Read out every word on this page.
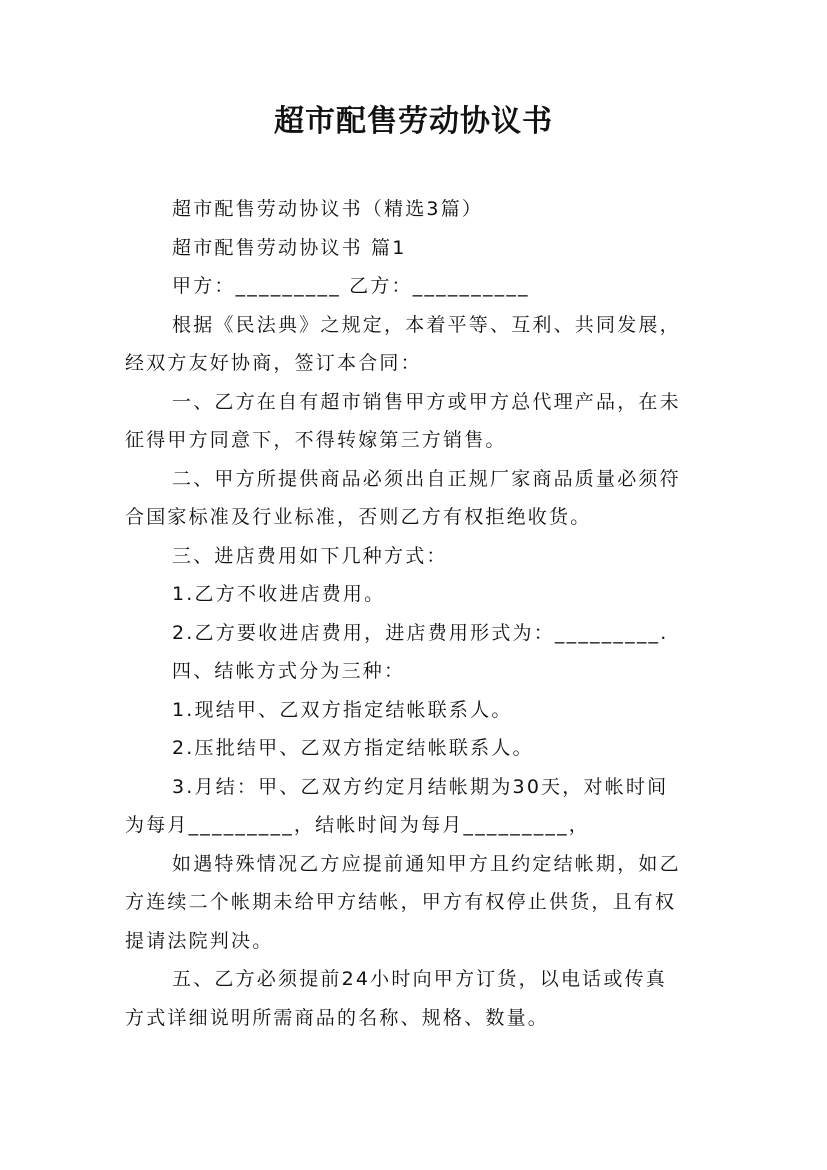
超市配售劳动协议书
超市配售劳动协议书（精选3篇）
超市配售劳动协议书 篇1
甲方：_________ 乙方：__________
根据《民法典》之规定，本着平等、互利、共同发展，
经双方友好协商，签订本合同：
一、乙方在自有超市销售甲方或甲方总代理产品，在未
征得甲方同意下，不得转嫁第三方销售。
二、甲方所提供商品必须出自正规厂家商品质量必须符
合国家标准及行业标准，否则乙方有权拒绝收货。
三、进店费用如下几种方式：
1.乙方不收进店费用。
2.乙方要收进店费用，进店费用形式为：_________.
四、结帐方式分为三种：
1.现结甲、乙双方指定结帐联系人。
2.压批结甲、乙双方指定结帐联系人。
3.月结：甲、乙双方约定月结帐期为30天，对帐时间
为每月_________，结帐时间为每月_________，
如遇特殊情况乙方应提前通知甲方且约定结帐期，如乙
方连续二个帐期未给甲方结帐，甲方有权停止供货，且有权
提请法院判决。
五、乙方必须提前24小时向甲方订货，以电话或传真
方式详细说明所需商品的名称、规格、数量。
